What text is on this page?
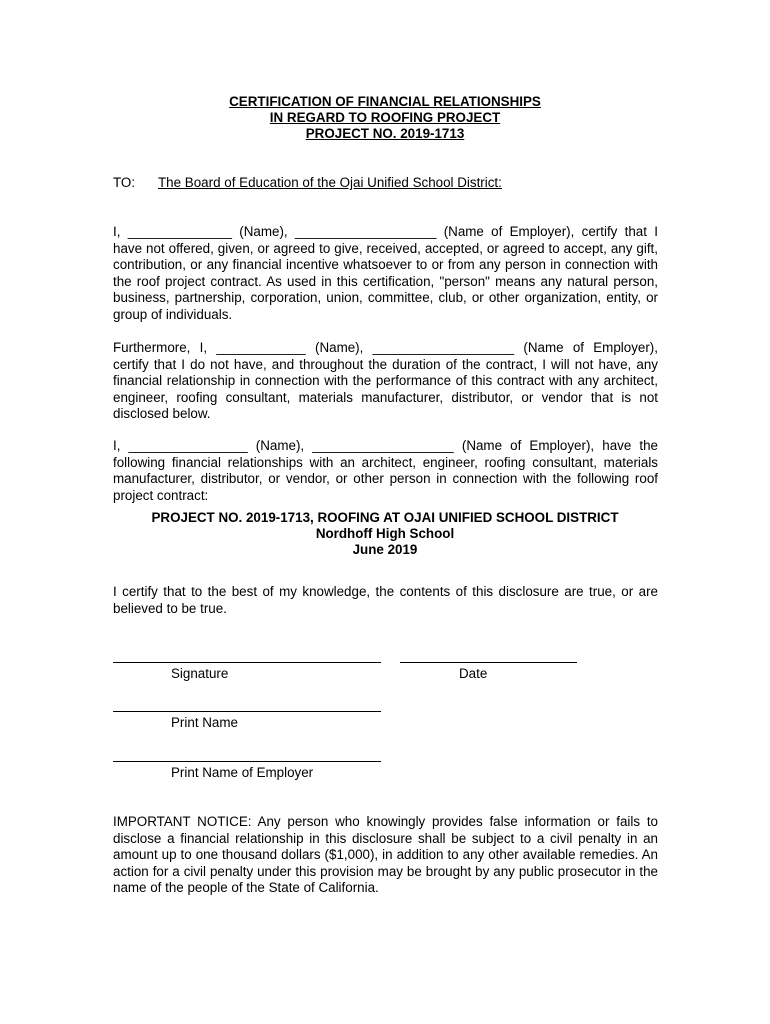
CERTIFICATION OF FINANCIAL RELATIONSHIPS
IN REGARD TO ROOFING PROJECT
PROJECT NO. 2019-1713
TO: The Board of Education of the Ojai Unified School District:
I, ______________ (Name), ___________________ (Name of Employer), certify that I have not offered, given, or agreed to give, received, accepted, or agreed to accept, any gift, contribution, or any financial incentive whatsoever to or from any person in connection with the roof project contract. As used in this certification, "person" means any natural person, business, partnership, corporation, union, committee, club, or other organization, entity, or group of individuals.
Furthermore, I, ____________ (Name), ___________________ (Name of Employer), certify that I do not have, and throughout the duration of the contract, I will not have, any financial relationship in connection with the performance of this contract with any architect, engineer, roofing consultant, materials manufacturer, distributor, or vendor that is not disclosed below.
I, ________________ (Name), ___________________ (Name of Employer), have the following financial relationships with an architect, engineer, roofing consultant, materials manufacturer, distributor, or vendor, or other person in connection with the following roof project contract:
PROJECT NO. 2019-1713, ROOFING AT OJAI UNIFIED SCHOOL DISTRICT
Nordhoff High School
June 2019
I certify that to the best of my knowledge, the contents of this disclosure are true, or are believed to be true.
Signature	Date
Print Name
Print Name of Employer
IMPORTANT NOTICE: Any person who knowingly provides false information or fails to disclose a financial relationship in this disclosure shall be subject to a civil penalty in an amount up to one thousand dollars ($1,000), in addition to any other available remedies. An action for a civil penalty under this provision may be brought by any public prosecutor in the name of the people of the State of California.
